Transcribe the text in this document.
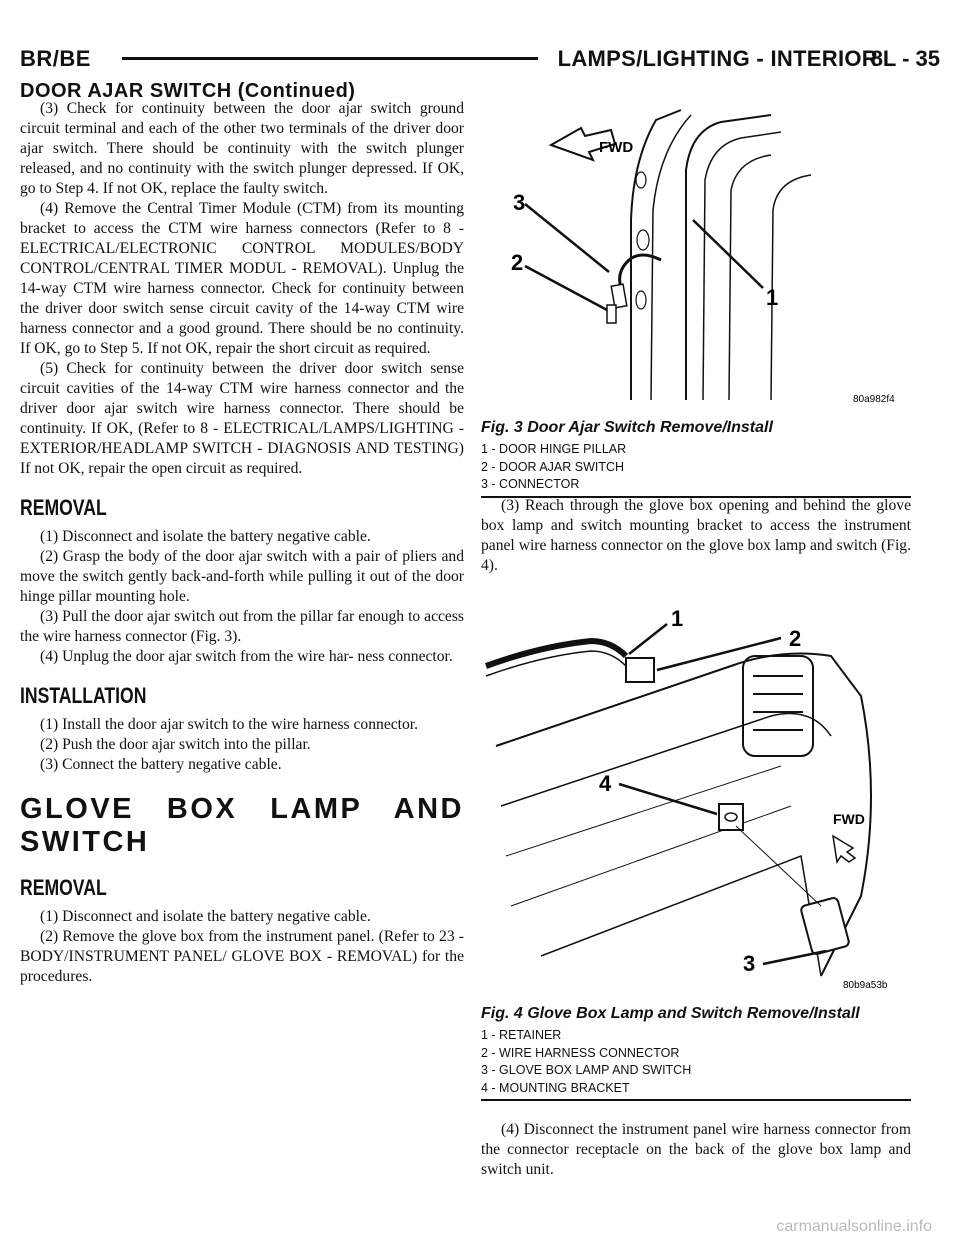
BR/BE	LAMPS/LIGHTING - INTERIOR
8L - 35
DOOR AJAR SWITCH (Continued)

(3) Check for continuity between the door ajar switch ground circuit terminal and each of the other two terminals of the driver door ajar switch. There should be continuity with the switch plunger released, and no continuity with the switch plunger depressed. If OK, go to Step 4. If not OK, replace the faulty switch.

(4) Remove the Central Timer Module (CTM) from its mounting bracket to access the CTM wire harness connectors (Refer to 8 - ELECTRICAL/ELECTRONIC CONTROL MODULES/BODY CONTROL/CENTRAL TIMER MODUL - REMOVAL). Unplug the 14-way CTM wire harness connector. Check for continuity between the driver door switch sense circuit cavity of the 14-way CTM wire harness connector and a good ground. There should be no continuity. If OK, go to Step 5. If not OK, repair the short circuit as required.

(5) Check for continuity between the driver door switch sense circuit cavities of the 14-way CTM wire harness connector and the driver door ajar switch wire harness connector. There should be continuity. If OK, (Refer to 8 - ELECTRICAL/LAMPS/LIGHTING - EXTERIOR/HEADLAMP SWITCH - DIAGNOSIS AND TESTING) If not OK, repair the open circuit as required.

REMOVAL

(1) Disconnect and isolate the battery negative cable.

(2) Grasp the body of the door ajar switch with a pair of pliers and move the switch gently back-and-forth while pulling it out of the door hinge pillar mounting hole.

(3) Pull the door ajar switch out from the pillar far enough to access the wire harness connector (Fig. 3).

(4) Unplug the door ajar switch from the wire har- ness connector.

INSTALLATION

(1) Install the door ajar switch to the wire harness connector.

(2) Push the door ajar switch into the pillar.

(3) Connect the battery negative cable.

GLOVE BOX LAMP AND SWITCH
REMOVAL

(1) Disconnect and isolate the battery negative cable.

(2) Remove the glove box from the instrument panel. (Refer to 23 - BODY/INSTRUMENT PANEL/ GLOVE BOX - REMOVAL) for the procedures.

FWD
3
2
1
80a982f4
Fig. 3 Door Ajar Switch Remove/Install
1 - DOOR HINGE PILLAR
2 - DOOR AJAR SWITCH
3 - CONNECTOR

(3) Reach through the glove box opening and behind the glove box lamp and switch mounting bracket to access the instrument panel wire harness connector on the glove box lamp and switch (Fig. 4).

FWD
1
2
4
3
80b9a53b
Fig. 4 Glove Box Lamp and Switch Remove/Install
1 - RETAINER
2 - WIRE HARNESS CONNECTOR
3 - GLOVE BOX LAMP AND SWITCH
4 - MOUNTING BRACKET

(4) Disconnect the instrument panel wire harness connector from the connector receptacle on the back of the glove box lamp and switch unit.

carmanualsonline.info
